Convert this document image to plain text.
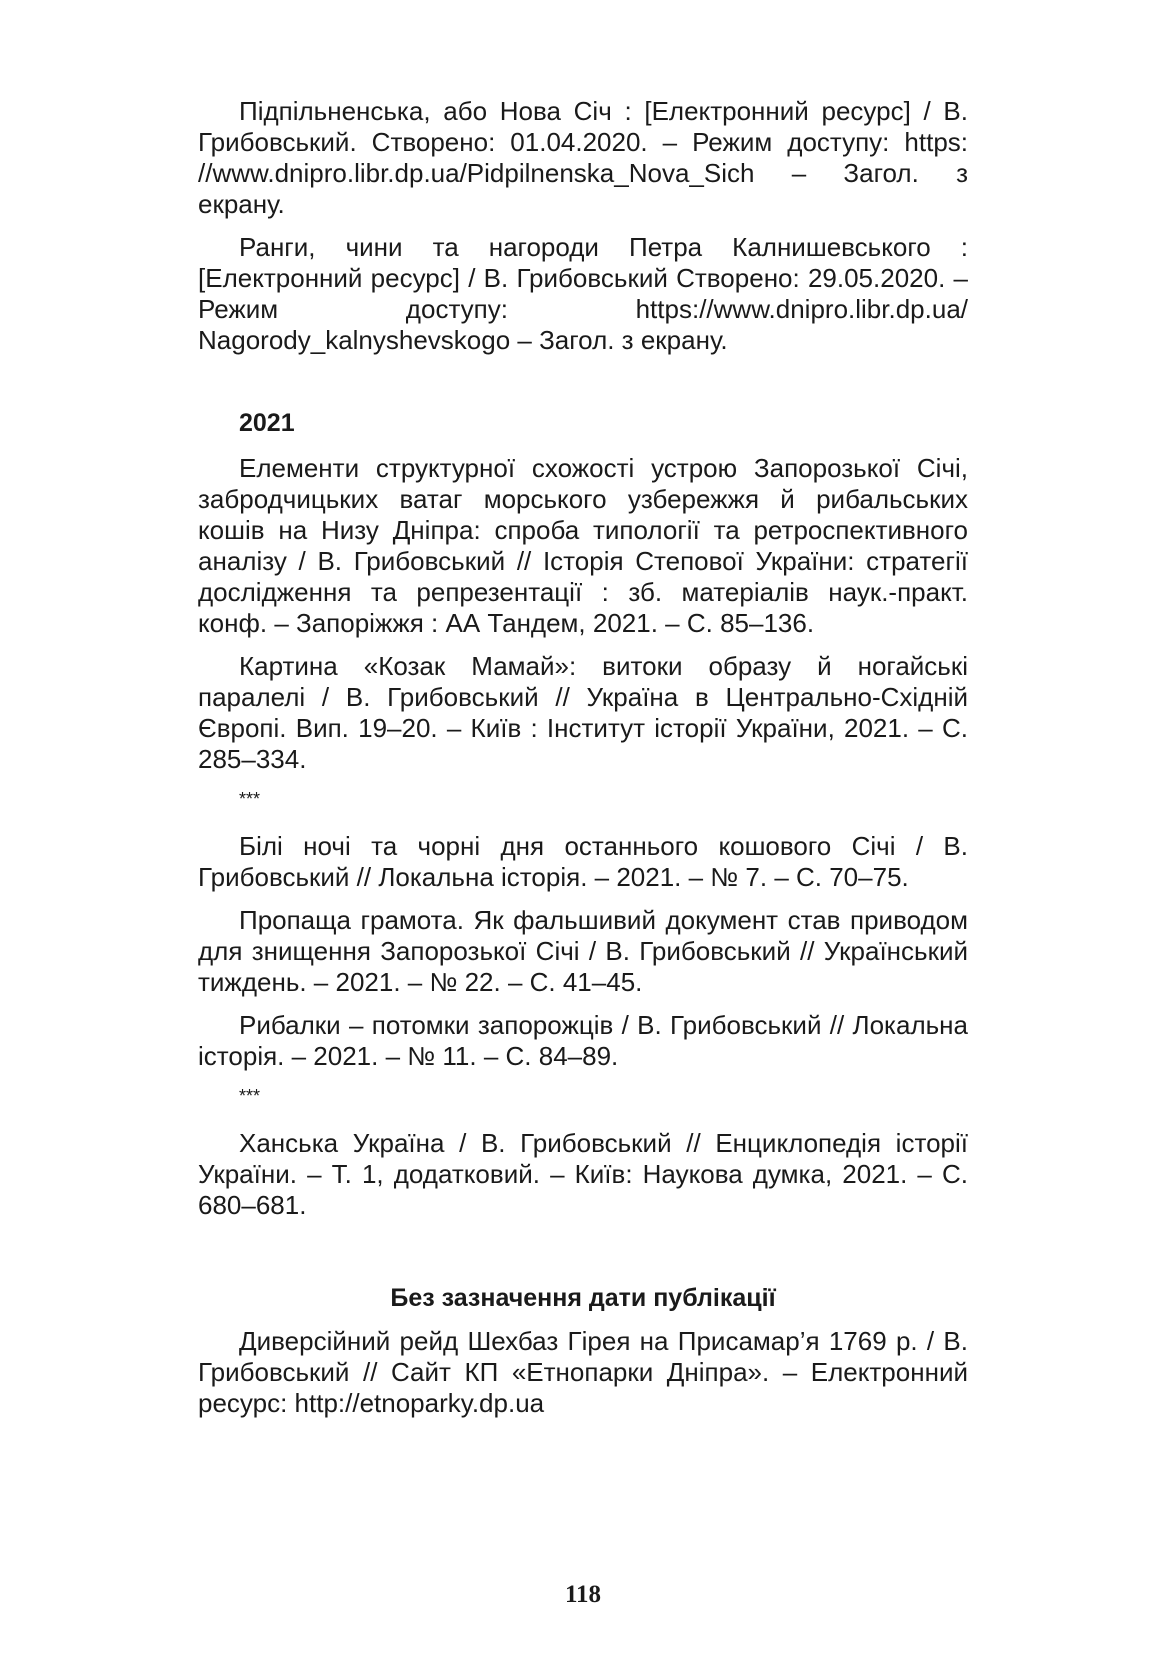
Підпільненська, або Нова Січ : [Електронний ресурс] / В. Грибовський. Створено: 01.04.2020. – Режим доступу: https: //www.dnipro.libr.dp.ua/Pidpilnenska_Nova_Sich – Загол. з екрану.

Ранги, чини та нагороди Петра Калнишевського : [Електронний ресурс] / В. Грибовський Створено: 29.05.2020. – Режим доступу: https://www.dnipro.libr.dp.ua/ Nagorody_kalnyshevskogo – Загол. з екрану.

2021

Елементи структурної схожості устрою Запорозької Січі, забродчицьких ватаг морського узбережжя й рибальських кошів на Низу Дніпра: спроба типології та ретроспективного аналізу / В. Грибовський // Історія Степової України: стратегії дослідження та репрезентації : зб. матеріалів наук.-практ. конф. – Запоріжжя : АА Тандем, 2021. – С. 85–136.

Картина «Козак Мамай»: витоки образу й ногайські паралелі / В. Грибовський // Україна в Центрально-Східній Європі. Вип. 19–20. – Київ : Інститут історії України, 2021. – С. 285–334.

***

Білі ночі та чорні дня останнього кошового Січі / В. Грибовський // Локальна історія. – 2021. – № 7. – С. 70–75.

Пропаща грамота. Як фальшивий документ став приводом для знищення Запорозької Січі / В. Грибовський // Український тиждень. – 2021. – № 22. – С. 41–45.

Рибалки – потомки запорожців / В. Грибовський // Локальна історія. – 2021. – № 11. – С. 84–89.

***

Ханська Україна / В. Грибовський // Енциклопедія історії України. – Т. 1, додатковий. – Київ: Наукова думка, 2021. – С. 680–681.

Без зазначення дати публікації

Диверсійний рейд Шехбаз Гірея на Присамар’я 1769 р. / В. Грибовський // Сайт КП «Етнопарки Дніпра». – Електронний ресурс: http://etnoparky.dp.ua

118
